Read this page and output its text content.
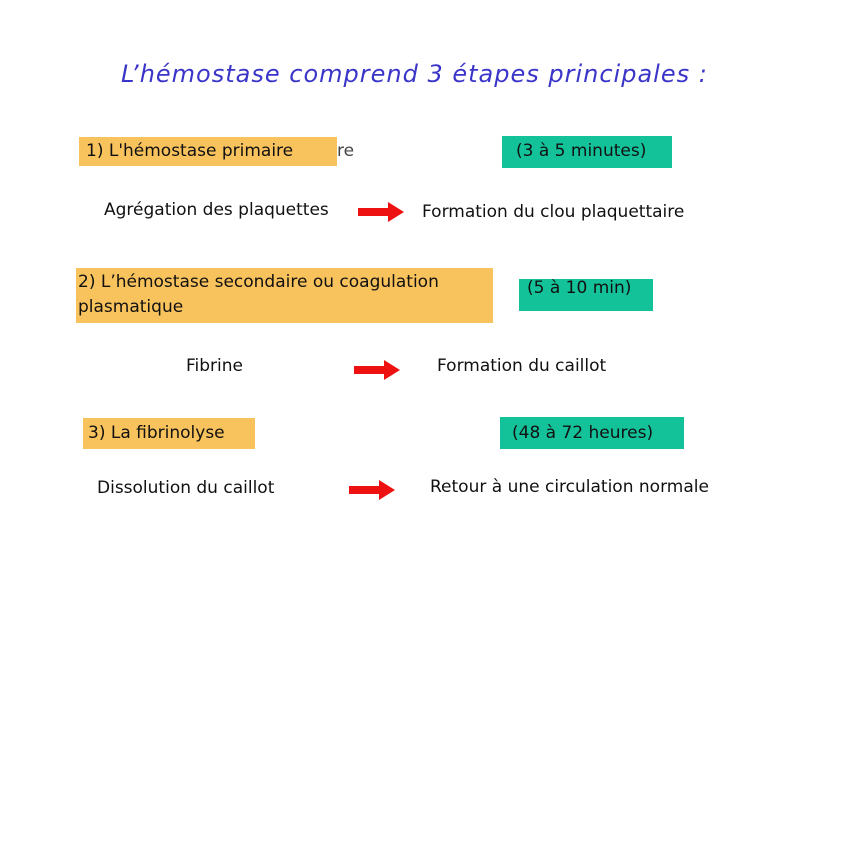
L’hémostase comprend 3 étapes principales :
1) L'hémostase primaire	re	(3 à 5 minutes)
Agrégation des plaquettes	Formation du clou plaquettaire
2) L’hémostase secondaire ou coagulation
plasmatique
(5 à 10 min)
Fibrine	Formation du caillot
3) La fibrinolyse	(48 à 72 heures)
Dissolution du caillot	Retour à une circulation normale
